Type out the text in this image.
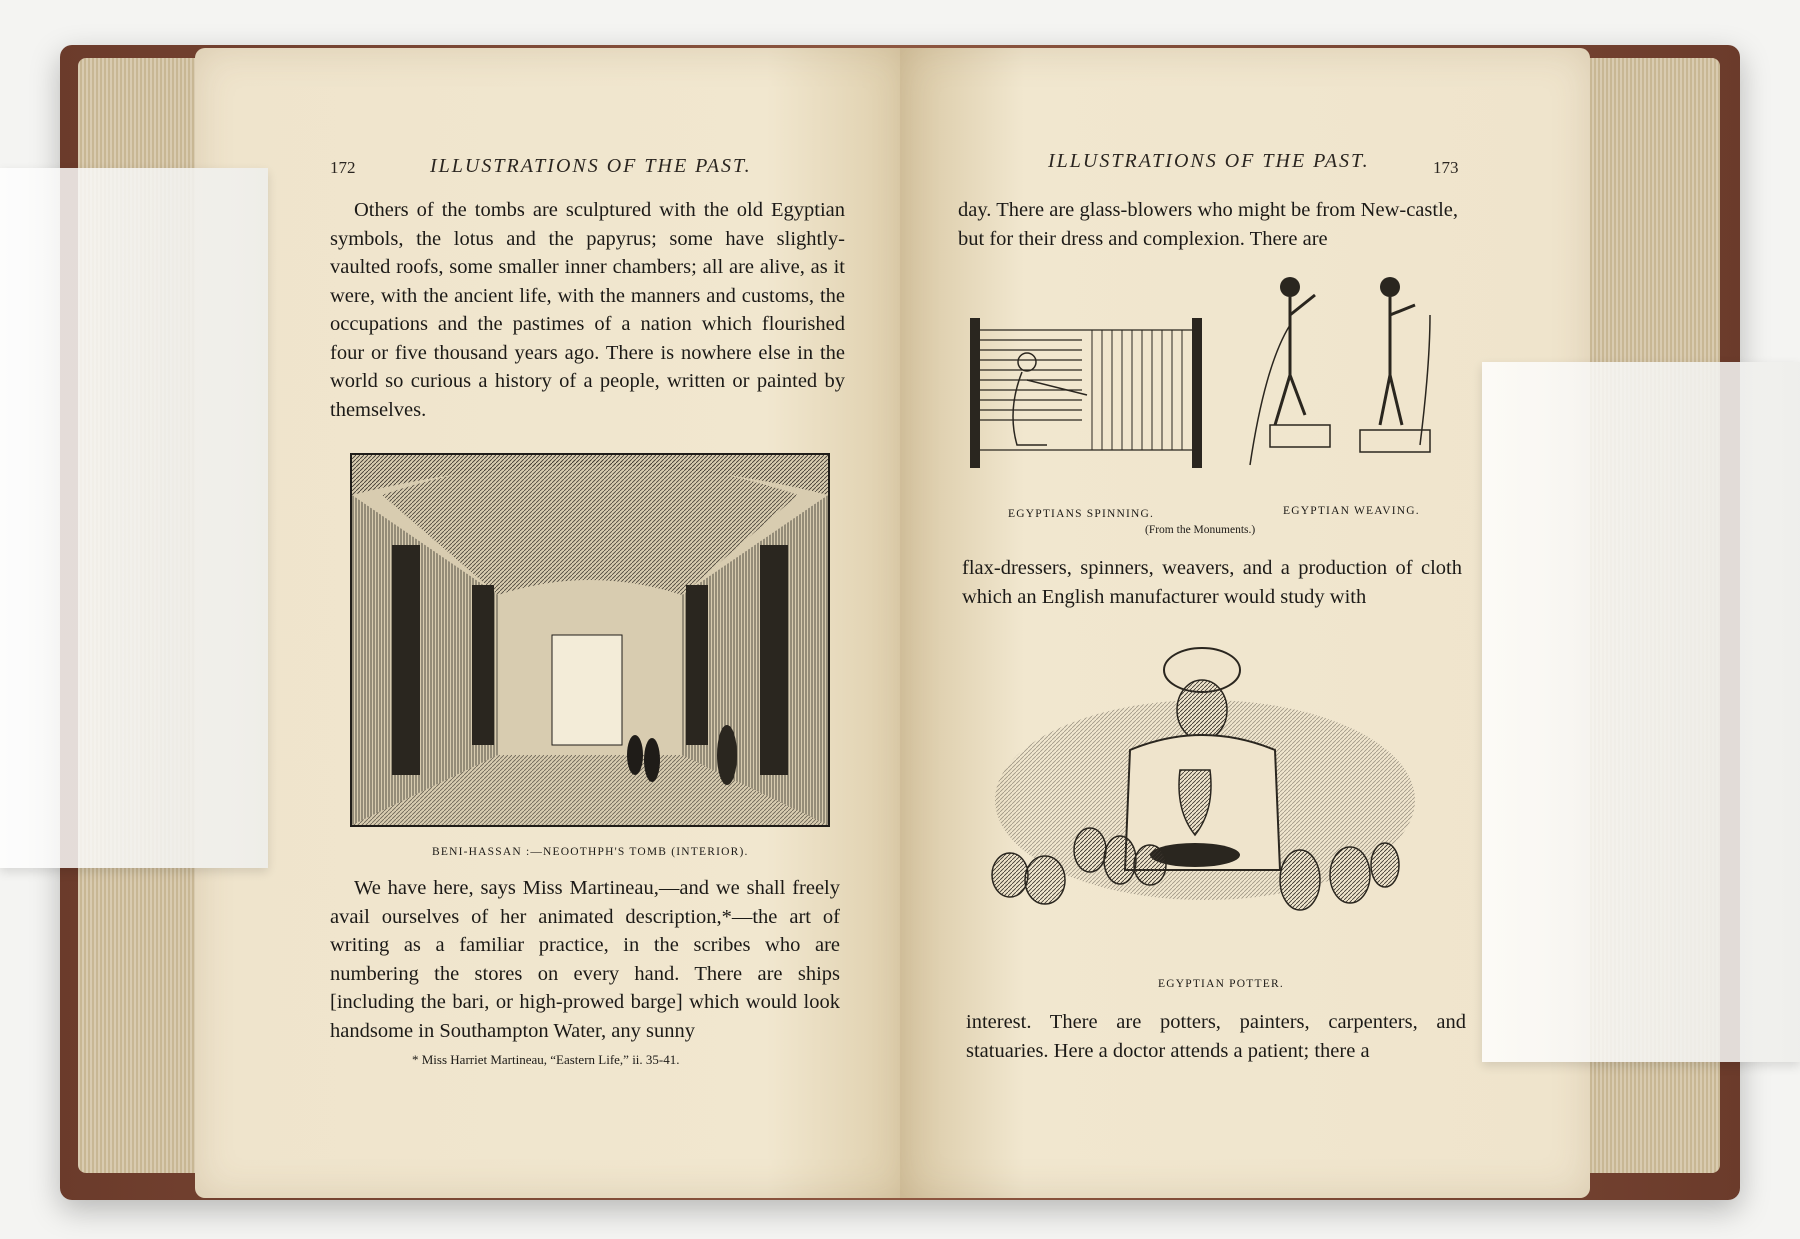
172	ILLUSTRATIONS OF THE PAST.

Others of the tombs are sculptured with the old Egyptian symbols, the lotus and the papyrus; some have slightly-vaulted roofs, some smaller inner chambers; all are alive, as it were, with the ancient life, with the manners and customs, the occupations and the pastimes of a nation which flourished four or five thousand years ago. There is nowhere else in the world so curious a history of a people, written or painted by themselves.

BENI-HASSAN :—NEOOTHPH'S TOMB (INTERIOR).

We have here, says Miss Martineau,—and we shall freely avail ourselves of her animated description,*—the art of writing as a familiar practice, in the scribes who are numbering the stores on every hand. There are ships [including the bari, or high-prowed barge] which would look handsome in Southampton Water, any sunny

* Miss Harriet Martineau, “Eastern Life,” ii. 35-41.
ILLUSTRATIONS OF THE PAST.	173

day. There are glass-blowers who might be from New-castle, but for their dress and complexion. There are

EGYPTIANS SPINNING.	EGYPTIAN WEAVING.
(From the Monuments.)

flax-dressers, spinners, weavers, and a production of cloth which an English manufacturer would study with

EGYPTIAN POTTER.

interest. There are potters, painters, carpenters, and statuaries. Here a doctor attends a patient; there a
